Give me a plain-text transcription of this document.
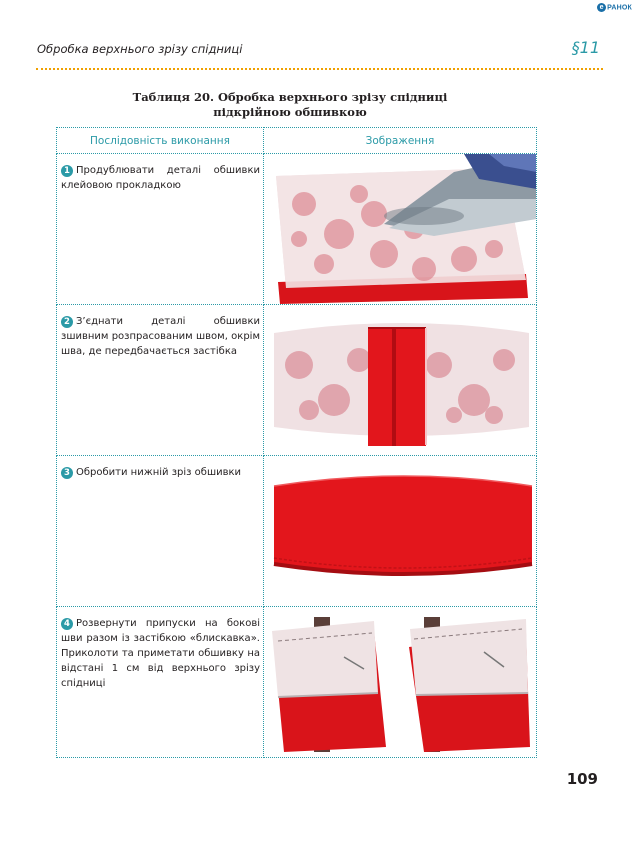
e РАНОК
Обробка верхнього зрізу спідниці	§11
Таблиця 20. Обробка верхнього зрізу спідниці
підкрійною обшивкою
Послідовність виконання	Зображення

1 Продублювати деталі обшивки клейовою прокладкою

2 З’єднати деталі обшивки зшивним розпрасованим швом, окрім шва, де передбачається застібка

3 Обробити нижній зріз обшивки

4 Розвернути припуски на бокові шви разом із застібкою «блискавка». Приколоти та приметати обшивку на відстані 1 см від верхнього зрізу спідниці

109
